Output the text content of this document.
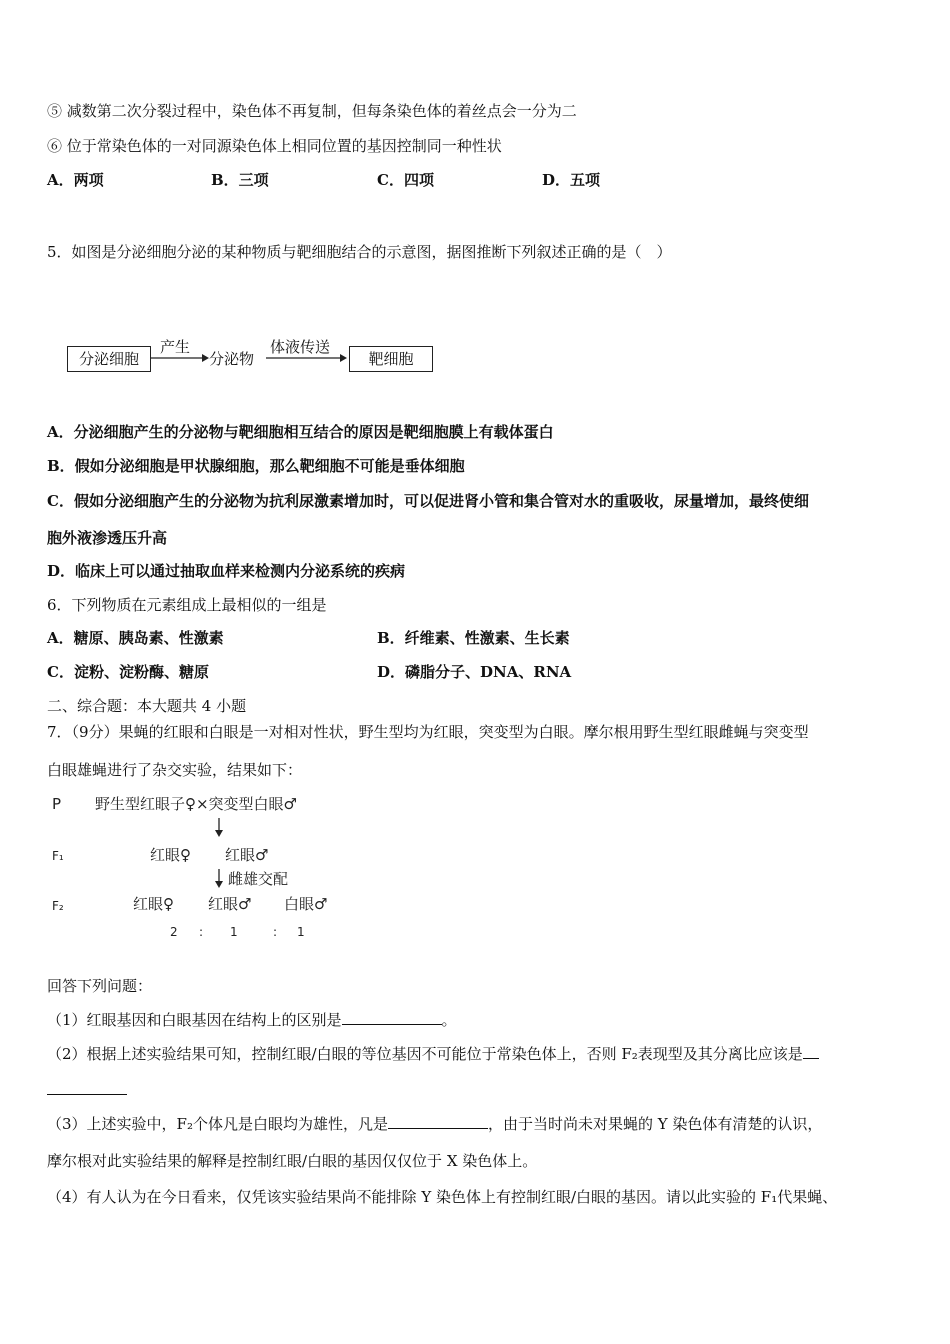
⑤ 减数第二次分裂过程中，染色体不再复制，但每条染色体的着丝点会一分为二
⑥ 位于常染色体的一对同源染色体上相同位置的基因控制同一种性状
A．两项	B．三项	C．四项	D．五项
5．如图是分泌细胞分泌的某种物质与靶细胞结合的示意图，据图推断下列叙述正确的是（　）
分泌细胞
产生
分泌物
体液传送
靶细胞
A．分泌细胞产生的分泌物与靶细胞相互结合的原因是靶细胞膜上有载体蛋白
B．假如分泌细胞是甲状腺细胞，那么靶细胞不可能是垂体细胞
C．假如分泌细胞产生的分泌物为抗利尿激素增加时，可以促进肾小管和集合管对水的重吸收，尿量增加，最终使细
胞外液渗透压升高
D．临床上可以通过抽取血样来检测内分泌系统的疾病
6．下列物质在元素组成上最相似的一组是
A．糖原、胰岛素、性激素	B．纤维素、性激素、生长素
C．淀粉、淀粉酶、糖原	D．磷脂分子、DNA、RNA
二、综合题：本大题共 4 小题
7．（9分）果蝇的红眼和白眼是一对相对性状，野生型均为红眼，突变型为白眼。摩尔根用野生型红眼雌蝇与突变型
白眼雄蝇进行了杂交实验，结果如下：
P 野生型红眼子♀×突变型白眼♂
F₁	红眼♀ 红眼♂
雌雄交配
F₂	红眼♀ 红眼♂ 白眼♂
2 : 1	: 1
回答下列问题：
（1）红眼基因和白眼基因在结构上的区别是	。
（2）根据上述实验结果可知，控制红眼/白眼的等位基因不可能位于常染色体上，否则 F₂表现型及其分离比应该是
（3）上述实验中，F₂个体凡是白眼均为雄性，凡是	，由于当时尚未对果蝇的 Y 染色体有清楚的认识，
摩尔根对此实验结果的解释是控制红眼/白眼的基因仅仅位于 X 染色体上。
（4）有人认为在今日看来，仅凭该实验结果尚不能排除 Y 染色体上有控制红眼/白眼的基因。请以此实验的 F₁代果蝇、
